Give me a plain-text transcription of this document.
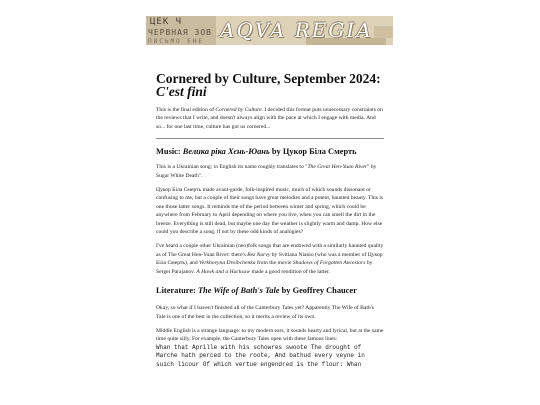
'
ЦЕК Ч
ЧЕРВНАЯ ЗОВ
ПИСЬМО ЕНЕ AQVA REGIA
Cornered by Culture, September 2024:
C'est fini

This is the final edition of Cornered by Culture. I decided this format puts unnecessary constraints on the reviews that I write, and doesn't always align with the pace at which I engage with media. And so... for one last time, culture has got us cornered...

Music: Велика ріка Хєнь-Юань by Цукор Біла Смерть

This is a Ukrainian song; in English its name roughly translates to "The Great Hen-Yuan River" by Sugar White Death".

Цукор Біла Смерть made avant-garde, folk-inspired music, much of which sounds dissonant or confusing to me, but a couple of their songs have great melodies and a potent, haunted beauty. This is one those latter songs. It reminds me of the period between winter and spring, which could be anywhere from February to April depending on where you live, when you can smell the dirt in the breeze. Everything is still dead, but maybe one day the weather is slightly warm and damp. How else could you describe a song, if not by these odd kinds of analogies?

I've heard a couple other Ukrainian (neo)folk songs that are endowed with a similarly haunted quality as of The Great Hen-Yuan River: there's Bez Narvy by Svitlana Nianio (who was a member of Цукор Біла Смерть), and Verkhovyna Droibchenka from the movie Shadows of Forgotten Ancestors by Sergei Parajanov. A Hawk and a Hacksaw made a good rendition of the latter.

Literature: The Wife of Bath's Tale by Geoffrey Chaucer

Okay, so what if I haven't finished all of the Canterbury Tales yet? Apparently The Wife of Bath's Tale is one of the best in the collection, so it merits a review of its own.

Middle English is a strange language: to my modern ears, it sounds hearty and lyrical, but at the same time quite silly. For example, the Canterbury Tales open with these famous lines:

Whan that Aprille with his schowres swoote The drought of
Marche hath perced to the roote, And bathud every veyne in
suich licour Of which vertue engendred is the flour: Whan
